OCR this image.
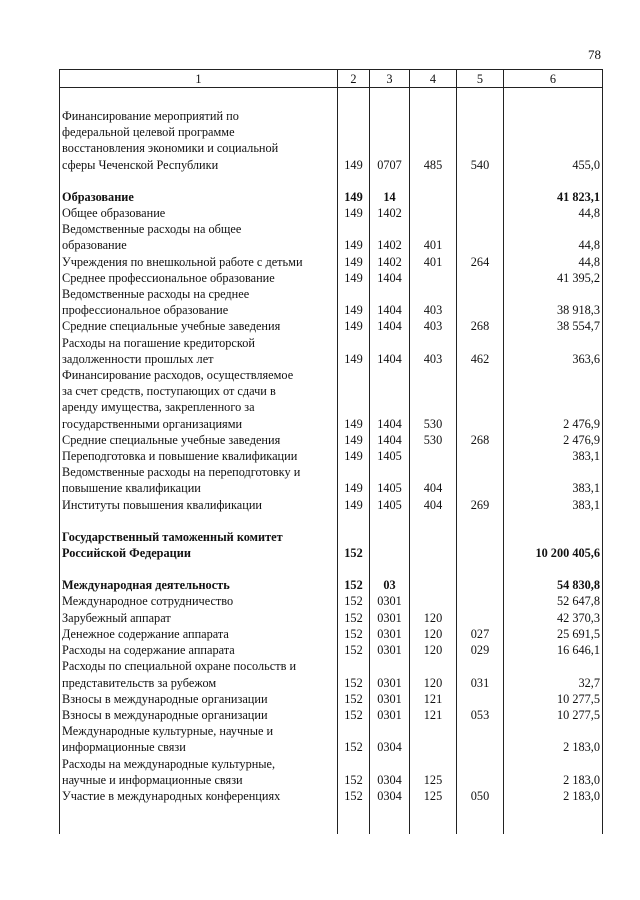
78
1	2	3	4	5	6

Финансирование мероприятий по
федеральной целевой программе
восстановления экономики и социальной
сферы Чеченской Республики	149	0707	485	540	455,0

Образование	149	14			41 823,1

Общее образование	149	1402			44,8

Ведомственные расходы на общее
образование	149	1402	401		44,8

Учреждения по внешкольной работе с детьми	149	1402	401	264	44,8

Среднее профессиональное образование	149	1404			41 395,2

Ведомственные расходы на среднее
профессиональное образование	149	1404	403		38 918,3

Средние специальные учебные заведения	149	1404	403	268	38 554,7

Расходы на погашение кредиторской
задолженности прошлых лет	149	1404	403	462	363,6

Финансирование расходов, осуществляемое
за счет средств, поступающих от сдачи в
аренду имущества, закрепленного за
государственными организациями	149	1404	530		2 476,9

Средние специальные учебные заведения	149	1404	530	268	2 476,9

Переподготовка и повышение квалификации	149	1405			383,1

Ведомственные расходы на переподготовку и
повышение квалификации	149	1405	404		383,1

Институты повышения квалификации	149	1405	404	269	383,1

Государственный таможенный комитет
Российской Федерации	152				10 200 405,6

Международная деятельность	152	03			54 830,8

Международное сотрудничество	152	0301			52 647,8

Зарубежный аппарат	152	0301	120		42 370,3

Денежное содержание аппарата	152	0301	120	027	25 691,5

Расходы на содержание аппарата	152	0301	120	029	16 646,1

Расходы по специальной охране посольств и
представительств за рубежом	152	0301	120	031	32,7

Взносы в международные организации	152	0301	121		10 277,5

Взносы в международные организации	152	0301	121	053	10 277,5

Международные культурные, научные и
информационные связи	152	0304			2 183,0

Расходы на международные культурные,
научные и информационные связи	152	0304	125		2 183,0

Участие в международных конференциях	152	0304	125	050	2 183,0
